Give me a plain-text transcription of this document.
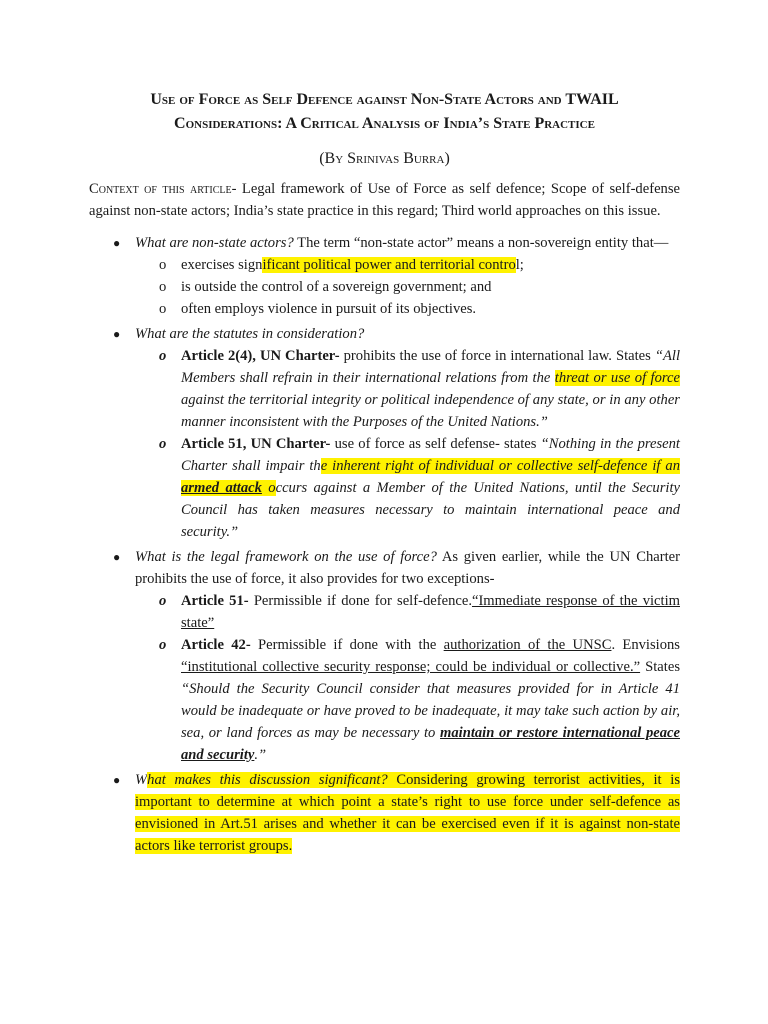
Use of Force as Self Defence against Non-State Actors and TWAIL
Considerations: A Critical Analysis of India’s State Practice

(By Srinivas Burra)
Context of this article- Legal framework of Use of Force as self defence; Scope of self-defense against non-state actors; India’s state practice in this regard; Third world approaches on this issue.
● What are non-state actors? The term “non-state actor” means a non-sovereign entity that—
o exercises significant political power and territorial control;
o is outside the control of a sovereign government; and
o often employs violence in pursuit of its objectives.
● What are the statutes in consideration?
o Article 2(4), UN Charter- prohibits the use of force in international law. States “All Members shall refrain in their international relations from the threat or use of force against the territorial integrity or political independence of any state, or in any other manner inconsistent with the Purposes of the United Nations.”
o Article 51, UN Charter- use of force as self defense- states “Nothing in the present Charter shall impair the inherent right of individual or collective self-defence if an armed attack occurs against a Member of the United Nations, until the Security Council has taken measures necessary to maintain international peace and security.”
● What is the legal framework on the use of force? As given earlier, while the UN Charter prohibits the use of force, it also provides for two exceptions-
o Article 51- Permissible if done for self-defence.“Immediate response of the victim state”
o Article 42- Permissible if done with the authorization of the UNSC. Envisions “institutional collective security response; could be individual or collective.” States “Should the Security Council consider that measures provided for in Article 41 would be inadequate or have proved to be inadequate, it may take such action by air, sea, or land forces as may be necessary to maintain or restore international peace and security.”
● What makes this discussion significant? Considering growing terrorist activities, it is important to determine at which point a state’s right to use force under self-defence as envisioned in Art.51 arises and whether it can be exercised even if it is against non-state actors like terrorist groups.
